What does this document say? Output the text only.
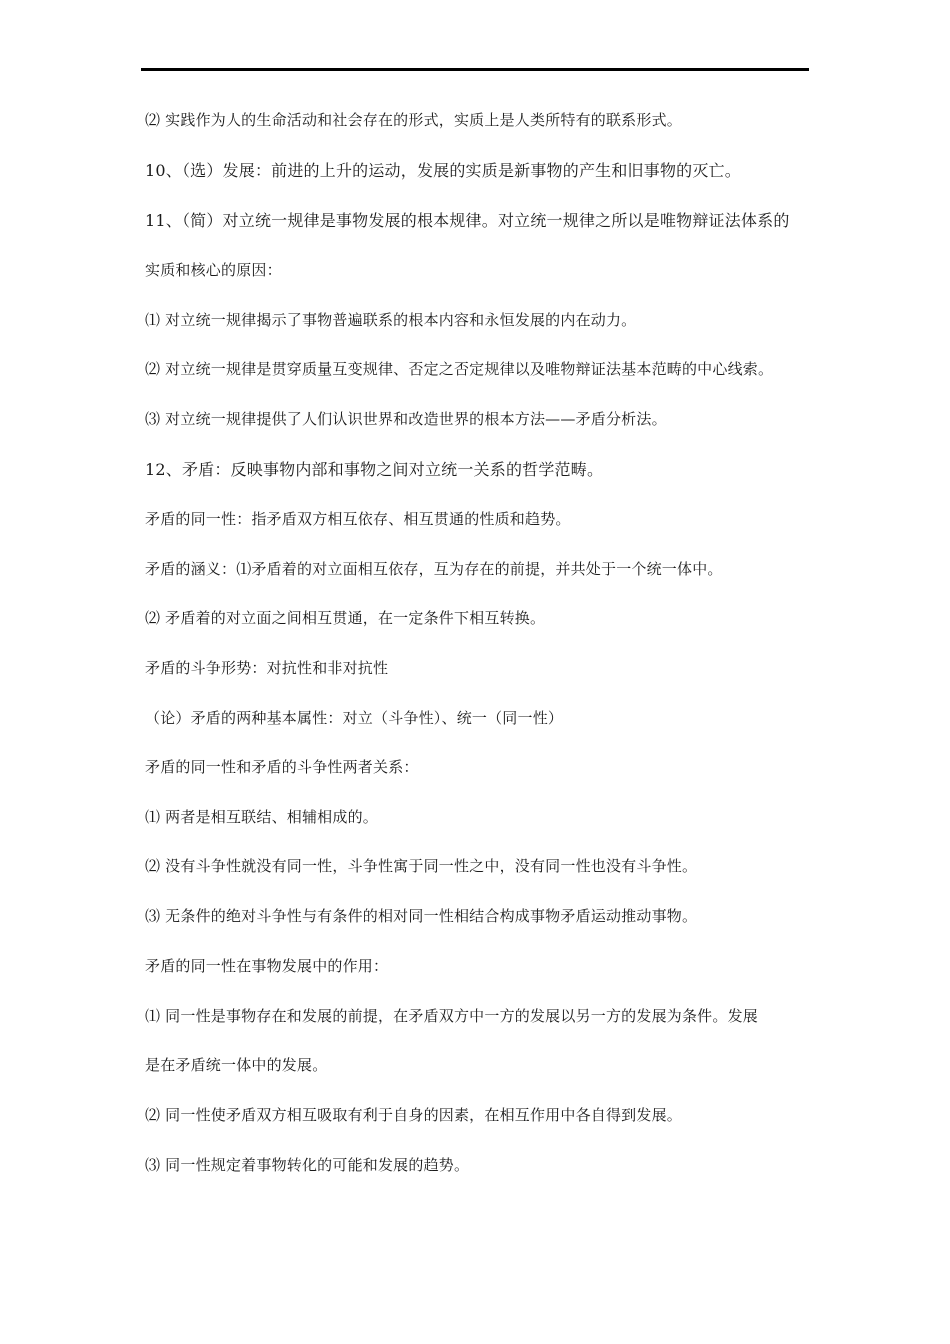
⑵ 实践作为人的生命活动和社会存在的形式，实质上是人类所特有的联系形式。
10、（选）发展：前进的上升的运动，发展的实质是新事物的产生和旧事物的灭亡。
11、（简）对立统一规律是事物发展的根本规律。对立统一规律之所以是唯物辩证法体系的
实质和核心的原因：
⑴ 对立统一规律揭示了事物普遍联系的根本内容和永恒发展的内在动力。
⑵ 对立统一规律是贯穿质量互变规律、否定之否定规律以及唯物辩证法基本范畴的中心线索。
⑶ 对立统一规律提供了人们认识世界和改造世界的根本方法——矛盾分析法。
12、矛盾：反映事物内部和事物之间对立统一关系的哲学范畴。
矛盾的同一性：指矛盾双方相互依存、相互贯通的性质和趋势。
矛盾的涵义：⑴矛盾着的对立面相互依存，互为存在的前提，并共处于一个统一体中。
⑵ 矛盾着的对立面之间相互贯通，在一定条件下相互转换。
矛盾的斗争形势：对抗性和非对抗性
（论）矛盾的两种基本属性：对立（斗争性）、统一（同一性）
矛盾的同一性和矛盾的斗争性两者关系：
⑴ 两者是相互联结、相辅相成的。
⑵ 没有斗争性就没有同一性，斗争性寓于同一性之中，没有同一性也没有斗争性。
⑶ 无条件的绝对斗争性与有条件的相对同一性相结合构成事物矛盾运动推动事物。
矛盾的同一性在事物发展中的作用：
⑴ 同一性是事物存在和发展的前提，在矛盾双方中一方的发展以另一方的发展为条件。发展
是在矛盾统一体中的发展。
⑵ 同一性使矛盾双方相互吸取有利于自身的因素，在相互作用中各自得到发展。
⑶ 同一性规定着事物转化的可能和发展的趋势。
